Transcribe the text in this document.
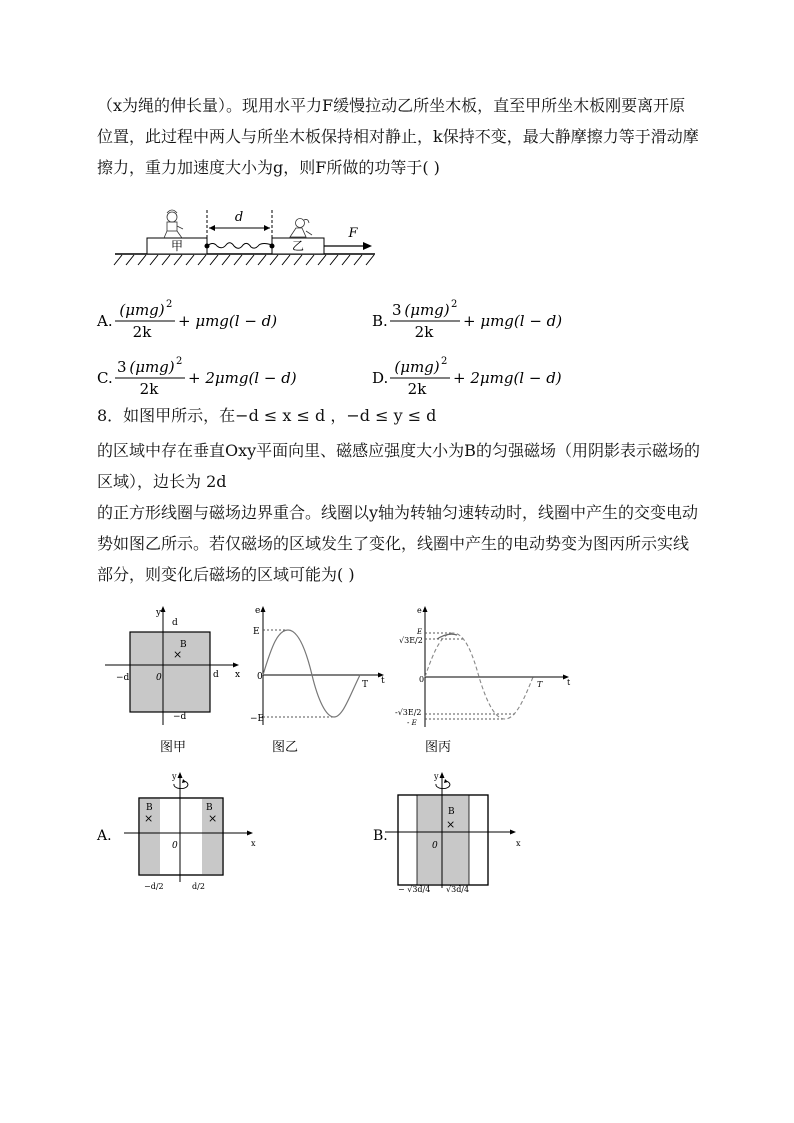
（x为绳的伸长量）。现用水平力F缓慢拉动乙所坐木板，直至甲所坐木板刚要离开原
位置，此过程中两人与所坐木板保持相对静止，k保持不变，最大静摩擦力等于滑动摩
擦力，重力加速度大小为g，则F所做的功等于( )
甲	乙
d
F
A.
(μmg) 2
2k
+ μmg(l − d)	B.
3 (μmg) 2
2k
+ μmg(l − d)
C.
3 (μmg) 2
2k
+ 2μmg(l − d)	D.
(μmg) 2
2k
+ 2μmg(l − d)
8．如图甲所示，在−d ≤ x ≤ d ，−d ≤ y ≤ d
的区域中存在垂直Oxy平面向里、磁感应强度大小为B的匀强磁场（用阴影表示磁场的
区域），边长为 2d
的正方形线圈与磁场边界重合。线圈以y轴为转轴匀速转动时，线圈中产生的交变电动
势如图乙所示。若仅磁场的区域发生了变化，线圈中产生的电动势变为图丙所示实线
部分，则变化后磁场的区域可能为( )
y
x
d
d
−d
−d
0
B
×
图甲
e
E
0
−E
T t
图乙
e
E
√3E/2
0
-√3E/2
- E
T	t
图丙
A.
y
x
0
B	B
×	×
−d/2	d/2
B.
y
x
0
B
×
− √3d/4 √3d/4
